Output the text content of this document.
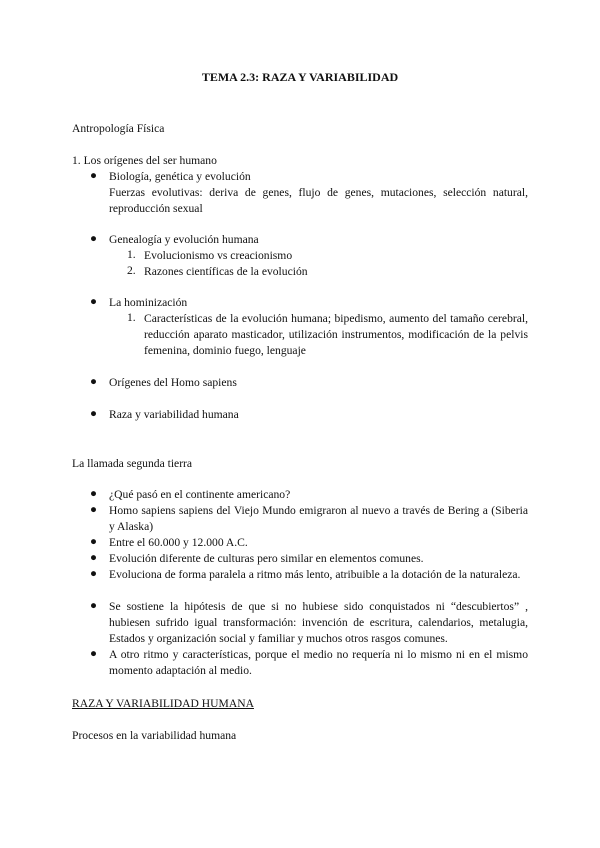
TEMA 2.3: RAZA Y VARIABILIDAD
Antropología Física
1. Los orígenes del ser humano
● Biología, genética y evolución
Fuerzas evolutivas: deriva de genes, flujo de genes, mutaciones, selección natural, reproducción sexual
● Genealogía y evolución humana
1. Evolucionismo vs creacionismo
2. Razones científicas de la evolución
● La hominización
1. Características de la evolución humana; bipedismo, aumento del tamaño cerebral, reducción aparato masticador, utilización instrumentos, modificación de la pelvis femenina, dominio fuego, lenguaje
● Orígenes del Homo sapiens
● Raza y variabilidad humana
La llamada segunda tierra
● ¿Qué pasó en el continente americano?
● Homo sapiens sapiens del Viejo Mundo emigraron al nuevo a través de Bering a (Siberia y Alaska)
● Entre el 60.000 y 12.000 A.C.
● Evolución diferente de culturas pero similar en elementos comunes.
● Evoluciona de forma paralela a ritmo más lento, atribuible a la dotación de la naturaleza.
● Se sostiene la hipótesis de que si no hubiese sido conquistados ni “descubiertos” , hubiesen sufrido igual transformación: invención de escritura, calendarios, metalugia, Estados y organización social y familiar y muchos otros rasgos comunes.
● A otro ritmo y características, porque el medio no requería ni lo mismo ni en el mismo momento adaptación al medio.
RAZA Y VARIABILIDAD HUMANA
Procesos en la variabilidad humana
